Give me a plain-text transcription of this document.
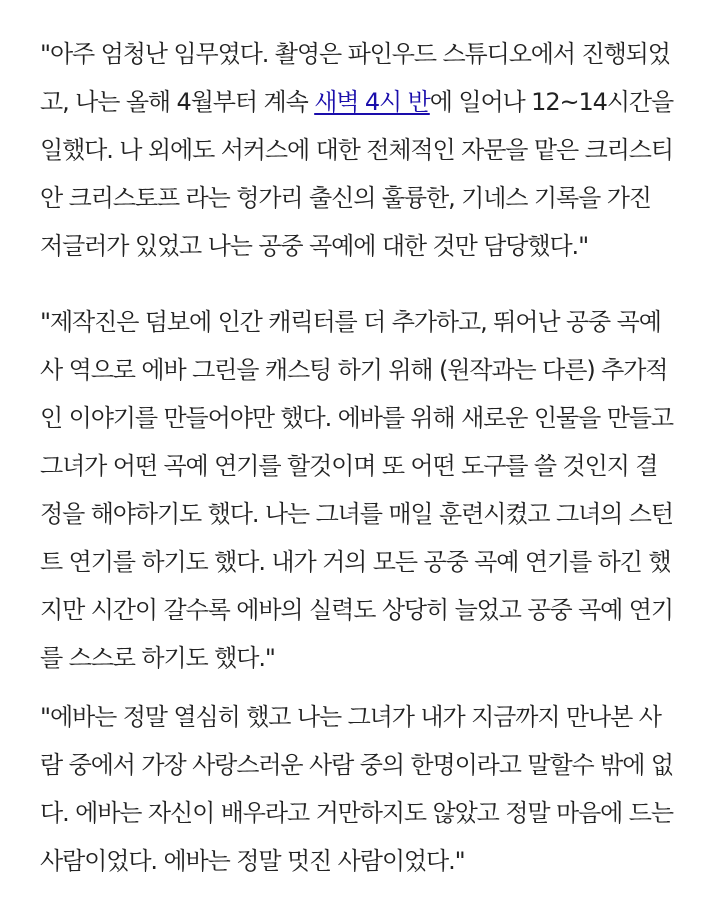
"아주 엄청난 임무였다. 촬영은 파인우드 스튜디오에서 진행되었
고, 나는 올해 4월부터 계속 새벽 4시 반에 일어나 12~14시간을
일했다. 나 외에도 서커스에 대한 전체적인 자문을 맡은 크리스티
안 크리스토프 라는 헝가리 출신의 훌륭한, 기네스 기록을 가진
저글러가 있었고 나는 공중 곡예에 대한 것만 담당했다."
"제작진은 덤보에 인간 캐릭터를 더 추가하고, 뛰어난 공중 곡예
사 역으로 에바 그린을 캐스팅 하기 위해 (원작과는 다른) 추가적
인 이야기를 만들어야만 했다. 에바를 위해 새로운 인물을 만들고
그녀가 어떤 곡예 연기를 할것이며 또 어떤 도구를 쓸 것인지 결
정을 해야하기도 했다. 나는 그녀를 매일 훈련시켰고 그녀의 스턴
트 연기를 하기도 했다. 내가 거의 모든 공중 곡예 연기를 하긴 했
지만 시간이 갈수록 에바의 실력도 상당히 늘었고 공중 곡예 연기
를 스스로 하기도 했다."
"에바는 정말 열심히 했고 나는 그녀가 내가 지금까지 만나본 사
람 중에서 가장 사랑스러운 사람 중의 한명이라고 말할수 밖에 없
다. 에바는 자신이 배우라고 거만하지도 않았고 정말 마음에 드는
사람이었다. 에바는 정말 멋진 사람이었다."
